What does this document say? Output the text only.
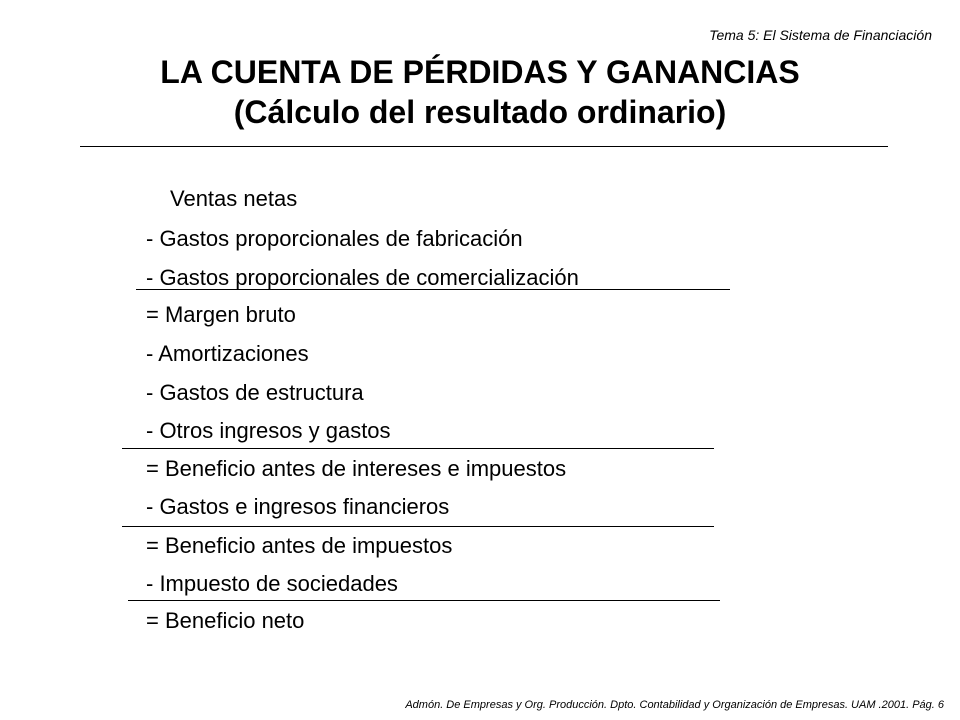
Tema 5: El Sistema de Financiación
LA CUENTA DE PÉRDIDAS Y GANANCIAS
(Cálculo del resultado ordinario)
Ventas netas
- Gastos proporcionales de fabricación
- Gastos proporcionales de comercialización
= Margen bruto
- Amortizaciones
- Gastos de estructura
- Otros ingresos y gastos
= Beneficio antes de intereses e impuestos
- Gastos e ingresos financieros
= Beneficio antes de impuestos
- Impuesto de sociedades
= Beneficio neto
Admón. De Empresas y Org. Producción. Dpto. Contabilidad y Organización de Empresas. UAM .2001. Pág. 6
